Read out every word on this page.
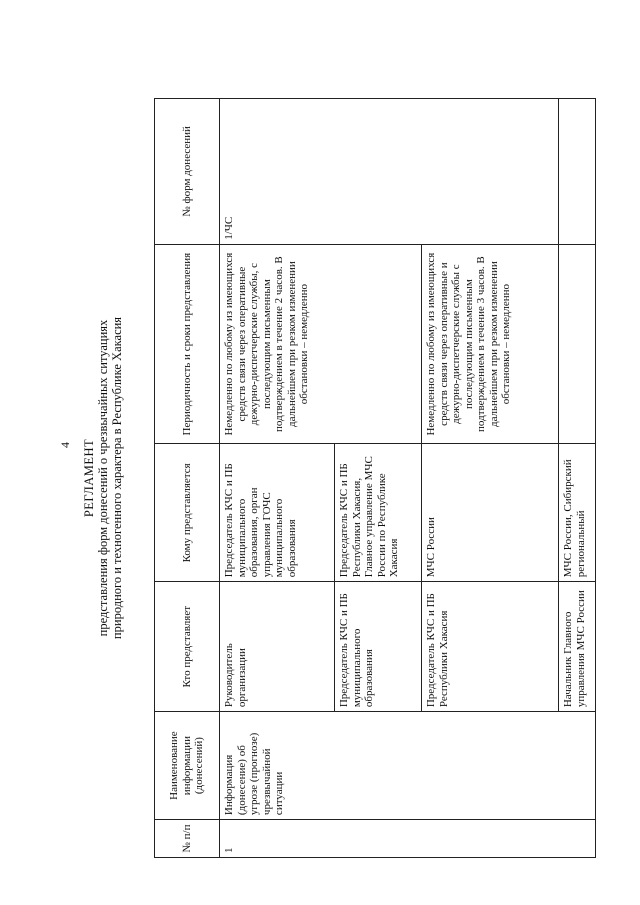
4 РЕГЛАМЕНТ представления форм донесений о чрезвычайных ситуациях природного и техногенного характера в Республике Хакасия
№ п/п	Наименование информации (донесений)	Кто представляет	Кому представляется	Периодичность и сроки представления	№ форм донесений
1	Информация (донесение) об угрозе (прогнозе) чрезвычайной ситуации	Руководитель организации	Председатель КЧС и ПБ муниципального образования, орган управления ГОЧС муниципального образования	Немедленно по любому из имеющихся средств связи через оперативные дежурно-диспетчерские службы, с последующим письменным подтверждением в течение 2 часов. В дальнейшем при резком изменении обстановки – немедленно	1/ЧС
		Председатель КЧС и ПБ муниципального образования	Председатель КЧС и ПБ Республики Хакасия, Главное управление МЧС России по Республике Хакасия		
		Председатель КЧС и ПБ Республики Хакасия	МЧС России	Немедленно по любому из имеющихся средств связи через оперативные и дежурно-диспетчерские службы с последующим письменным подтверждением в течение 3 часов. В дальнейшем при резком изменении обстановки – немедленно	
		Начальник Главного управления МЧС России	МЧС России, Сибирский региональный		
